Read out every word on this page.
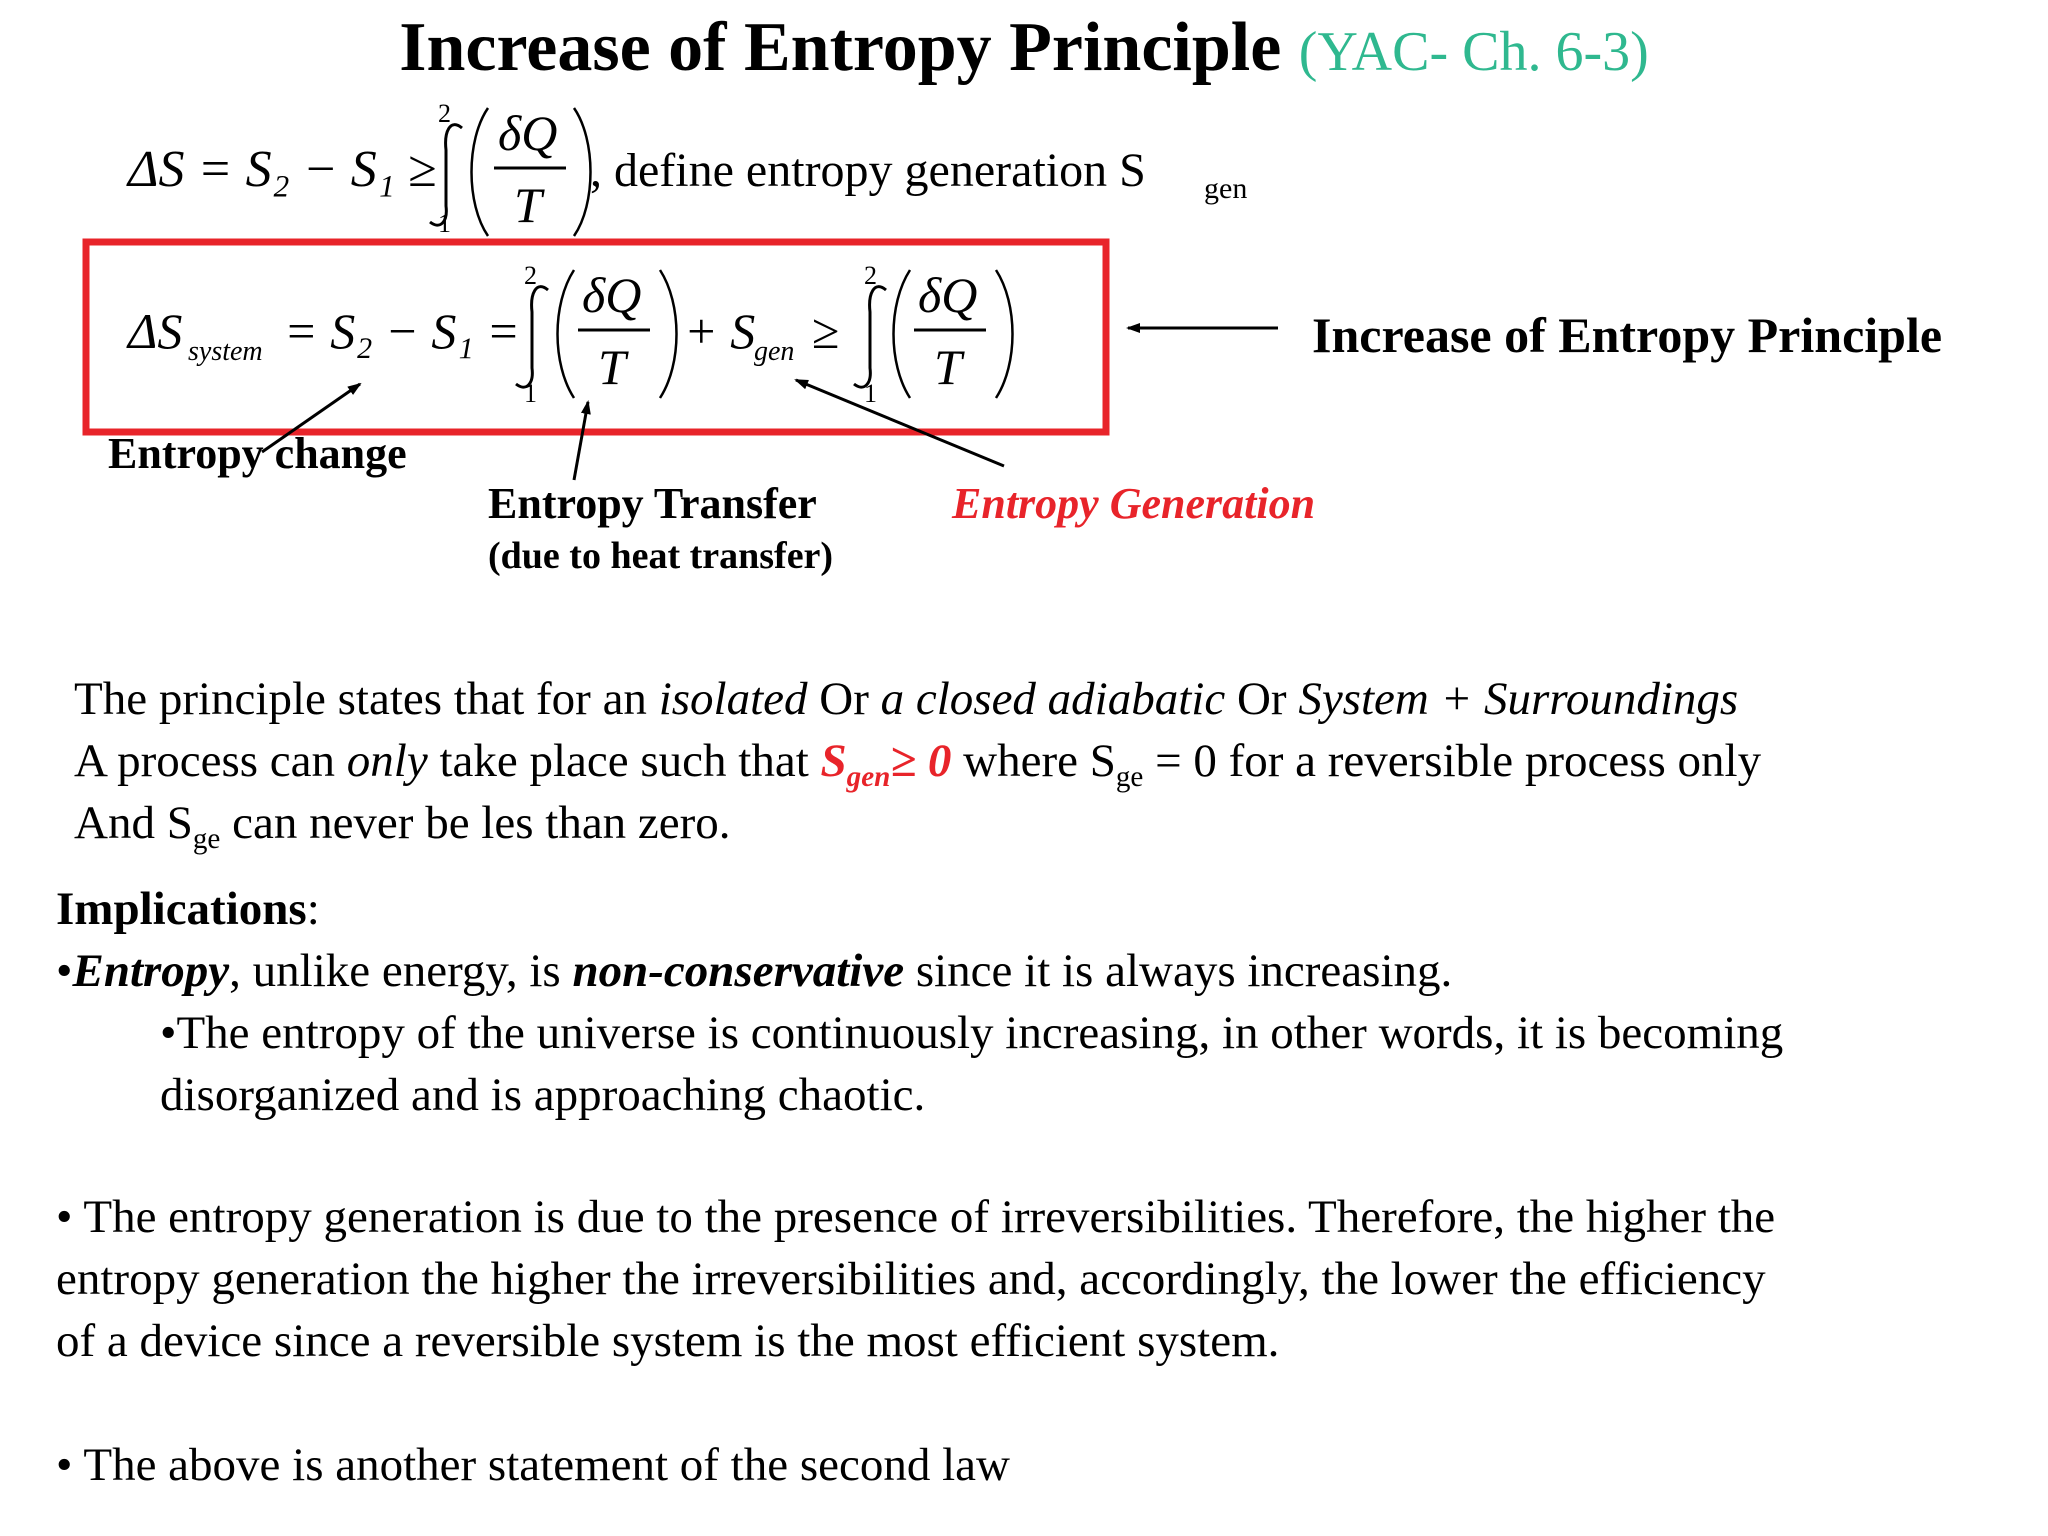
Increase of Entropy Principle (YAC- Ch. 6-3)
ΔS = S₂ − S₁ ≥
2
1
δQ
T
, define entropy generation S gen
ΔS system = S₂ − S₁ =
2
1
δQ
T
+ S
gen ≥
2
1
δQ
T
Increase of Entropy Principle
Entropy change
Entropy Transfer
(due to heat transfer)
Entropy Generation

The principle states that for an isolated Or a closed adiabatic Or System + Surroundings

A process can only take place such that $S_{gen}\ge 0$ where $S_{ge} = 0$ for a reversible process only

And $S_{ge}$ can never be les than zero.

Implications:

•Entropy, unlike energy, is non-conservative since it is always increasing.

•The entropy of the universe is continuously increasing, in other words, it is becoming

disorganized and is approaching chaotic.

• The entropy generation is due to the presence of irreversibilities. Therefore, the higher the

entropy generation the higher the irreversibilities and, accordingly, the lower the efficiency

of a device since a reversible system is the most efficient system.

• The above is another statement of the second law
